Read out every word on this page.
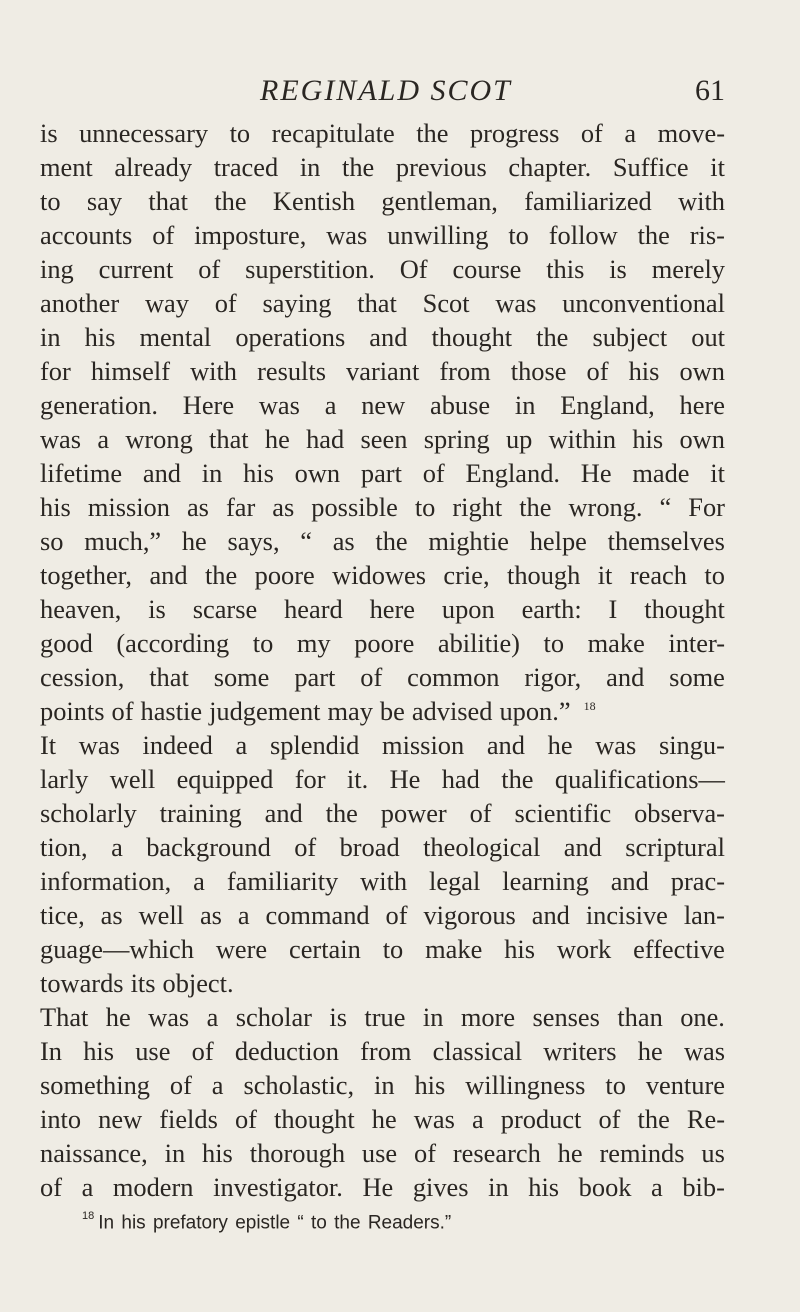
REGINALD SCOT	61
is unnecessary to recapitulate the progress of a move-
ment already traced in the previous chapter. Suffice it
to say that the Kentish gentleman, familiarized with
accounts of imposture, was unwilling to follow the ris-
ing current of superstition. Of course this is merely
another way of saying that Scot was unconventional
in his mental operations and thought the subject out
for himself with results variant from those of his own
generation. Here was a new abuse in England, here
was a wrong that he had seen spring up within his own
lifetime and in his own part of England. He made it
his mission as far as possible to right the wrong. “ For
so much,” he says, “ as the mightie helpe themselves
together, and the poore widowes crie, though it reach to
heaven, is scarse heard here upon earth: I thought
good (according to my poore abilitie) to make inter-
cession, that some part of common rigor, and some
points of hastie judgement may be advised upon.” $^{18}$
It was indeed a splendid mission and he was singu-
larly well equipped for it. He had the qualifications—
scholarly training and the power of scientific observa-
tion, a background of broad theological and scriptural
information, a familiarity with legal learning and prac-
tice, as well as a command of vigorous and incisive lan-
guage—which were certain to make his work effective
towards its object.
That he was a scholar is true in more senses than one.
In his use of deduction from classical writers he was
something of a scholastic, in his willingness to venture
into new fields of thought he was a product of the Re-
naissance, in his thorough use of research he reminds us
of a modern investigator. He gives in his book a bib-
$^{18}$ In his prefatory epistle “ to the Readers.”
